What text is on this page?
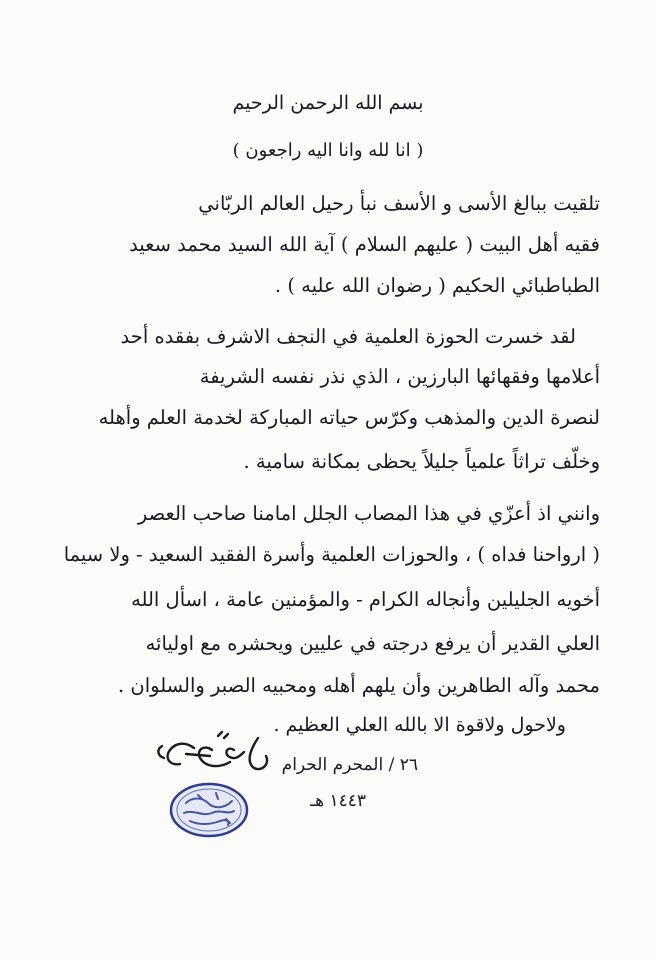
بسم الله الرحمن الرحيم
( انا لله وانا اليه راجعون )
تلقيت ببالغ الأسى و الأسف نبأ رحيل العالم الربّاني
فقيه أهل البيت ( عليهم السلام ) آية الله السيد محمد سعيد
الطباطبائي الحكيم ( رضوان الله عليه ) .
لقد خسرت الحوزة العلمية في النجف الاشرف بفقده أحد
أعلامها وفقهائها البارزين ، الذي نذر نفسه الشريفة
لنصرة الدين والمذهب وكرّس حياته المباركة لخدمة العلم وأهله
وخلّف تراثاً علمياً جليلاً يحظى بمكانة سامية .
وانني اذ أعزّي في هذا المصاب الجلل امامنا صاحب العصر
( ارواحنا فداه ) ، والحوزات العلمية وأسرة الفقيد السعيد - ولا سيما
أخويه الجليلين وأنجاله الكرام - والمؤمنين عامة ، اسأل الله
العلي القدير أن يرفع درجته في عليين ويحشره مع اوليائه
محمد وآله الطاهرين وأن يلهم أهله ومحبيه الصبر والسلوان .
ولاحول ولاقوة الا بالله العلي العظيم .
٢٦ / المحرم الحرام
١٤٤٣ هـ
